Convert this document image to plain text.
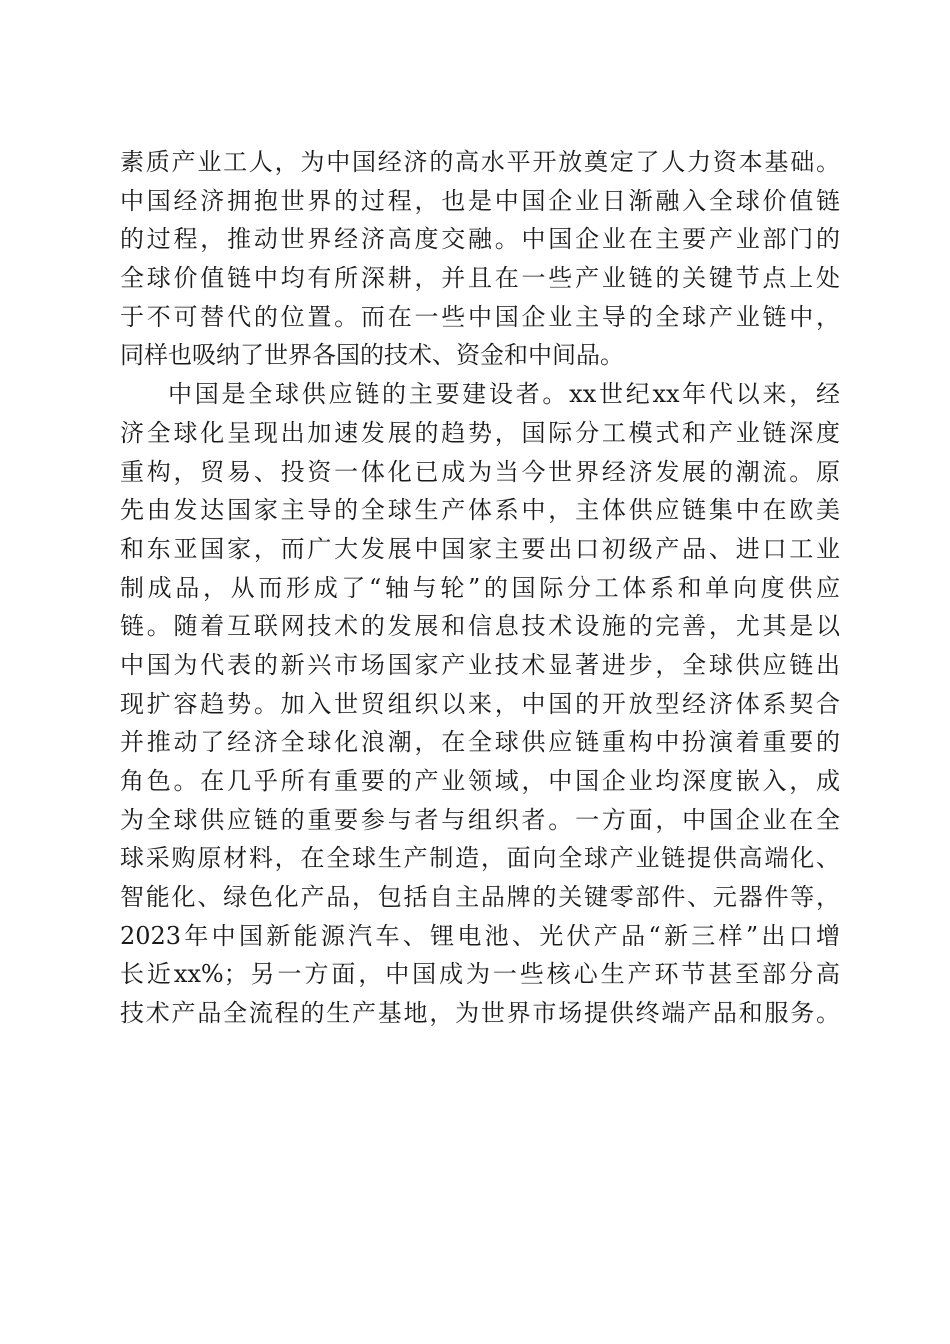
素质产业工人，为中国经济的高水平开放奠定了人力资本基础。
中国经济拥抱世界的过程，也是中国企业日渐融入全球价值链
的过程，推动世界经济高度交融。中国企业在主要产业部门的
全球价值链中均有所深耕，并且在一些产业链的关键节点上处
于不可替代的位置。而在一些中国企业主导的全球产业链中，
同样也吸纳了世界各国的技术、资金和中间品。
中国是全球供应链的主要建设者。xx世纪xx年代以来，经
济全球化呈现出加速发展的趋势，国际分工模式和产业链深度
重构，贸易、投资一体化已成为当今世界经济发展的潮流。原
先由发达国家主导的全球生产体系中，主体供应链集中在欧美
和东亚国家，而广大发展中国家主要出口初级产品、进口工业
制成品，从而形成了“轴与轮”的国际分工体系和单向度供应
链。随着互联网技术的发展和信息技术设施的完善，尤其是以
中国为代表的新兴市场国家产业技术显著进步，全球供应链出
现扩容趋势。加入世贸组织以来，中国的开放型经济体系契合
并推动了经济全球化浪潮，在全球供应链重构中扮演着重要的
角色。在几乎所有重要的产业领域，中国企业均深度嵌入，成
为全球供应链的重要参与者与组织者。一方面，中国企业在全
球采购原材料，在全球生产制造，面向全球产业链提供高端化、
智能化、绿色化产品，包括自主品牌的关键零部件、元器件等，
2023年中国新能源汽车、锂电池、光伏产品“新三样”出口增
长近xx%；另一方面，中国成为一些核心生产环节甚至部分高
技术产品全流程的生产基地，为世界市场提供终端产品和服务。
